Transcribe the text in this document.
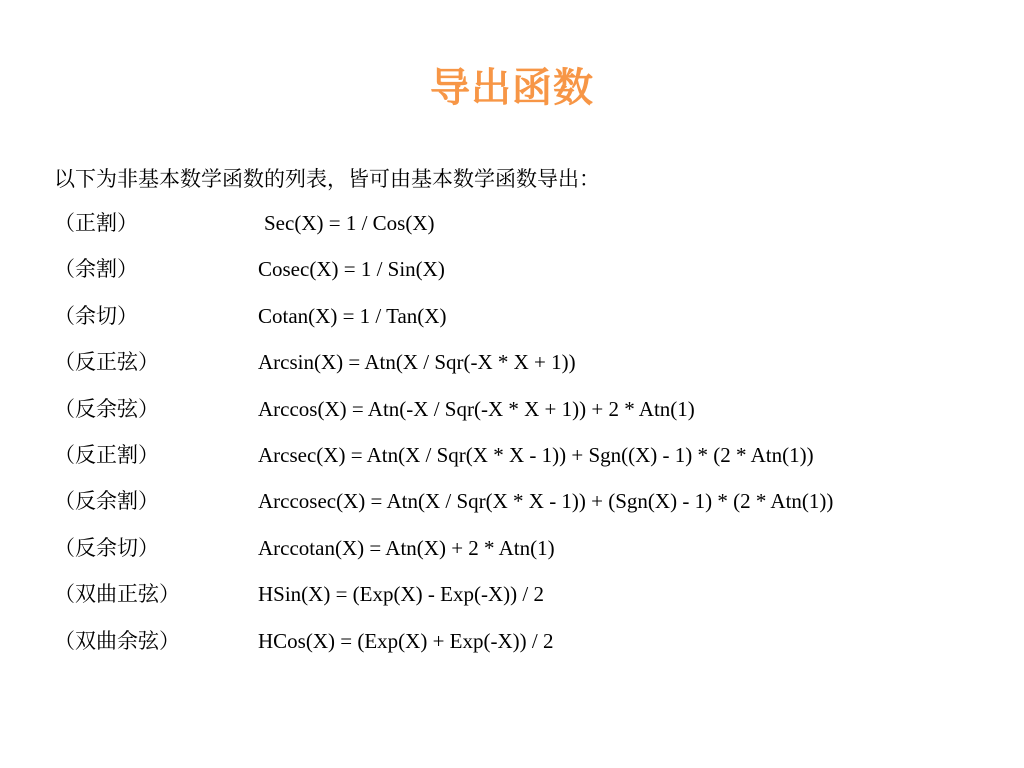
导出函数
以下为非基本数学函数的列表，皆可由基本数学函数导出：
（正割）	Sec(X) = 1 / Cos(X)
（余割）	Cosec(X) = 1 / Sin(X)
（余切）	Cotan(X) = 1 / Tan(X)
（反正弦）	Arcsin(X) = Atn(X / Sqr(-X * X + 1))
（反余弦）	Arccos(X) = Atn(-X / Sqr(-X * X + 1)) + 2 * Atn(1)
（反正割）	Arcsec(X) = Atn(X / Sqr(X * X - 1)) + Sgn((X) - 1) * (2 * Atn(1))
（反余割）	Arccosec(X) = Atn(X / Sqr(X * X - 1)) + (Sgn(X) - 1) * (2 * Atn(1))
（反余切）	Arccotan(X) = Atn(X) + 2 * Atn(1)
（双曲正弦）	HSin(X) = (Exp(X) - Exp(-X)) / 2
（双曲余弦）	HCos(X) = (Exp(X) + Exp(-X)) / 2
